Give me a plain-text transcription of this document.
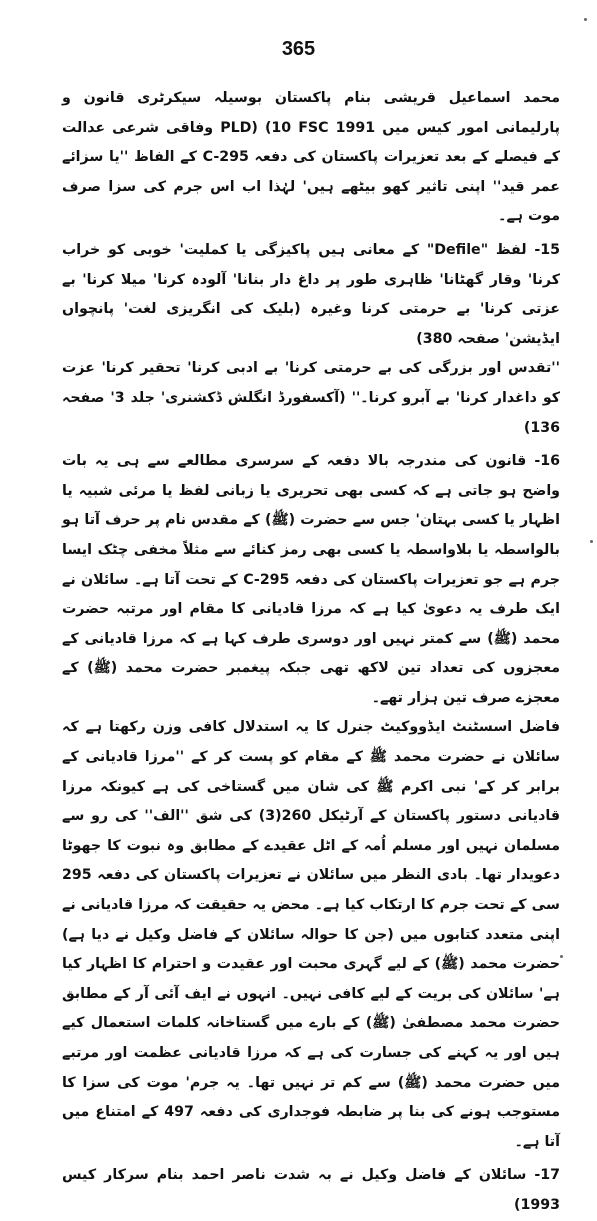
365

محمد اسماعیل قریشی بنام پاکستان بوسیلہ سیکرٹری قانون و پارلیمانی امور کیس میں PLD) (10 FSC 1991 وفاقی شرعی عدالت کے فیصلے کے بعد تعزیرات پاکستان کی دفعہ C-295 کے الفاظ ''یا سزائے عمر قید'' اپنی تاثیر کھو بیٹھے ہیں' لہٰذا اب اس جرم کی سزا صرف موت ہے۔

15- لفظ "Defile" کے معانی ہیں پاکیزگی یا کملیت' خوبی کو خراب کرنا' وقار گھٹانا' ظاہری طور پر داغ دار بنانا' آلودہ کرنا' میلا کرنا' بے عزتی کرنا' بے حرمتی کرنا وغیرہ (بلیک کی انگریزی لغت' پانچواں ایڈیشن' صفحہ 380)

''تقدس اور بزرگی کی بے حرمتی کرنا' بے ادبی کرنا' تحقیر کرنا' عزت کو داغدار کرنا' بے آبرو کرنا۔'' (آکسفورڈ انگلش ڈکشنری' جلد 3' صفحہ 136)

16- قانون کی مندرجہ بالا دفعہ کے سرسری مطالعے سے ہی یہ بات واضح ہو جاتی ہے کہ کسی بھی تحریری یا زبانی لفظ یا مرئی شبیہ یا اظہار یا کسی بہتان' جس سے حضرت (ﷺ) کے مقدس نام پر حرف آتا ہو بالواسطہ یا بلاواسطہ یا کسی بھی رمز کنائے سے مثلاً مخفی چٹک ایسا جرم ہے جو تعزیرات پاکستان کی دفعہ C-295 کے تحت آتا ہے۔ سائلان نے ایک طرف یہ دعویٰ کیا ہے کہ مرزا قادیانی کا مقام اور مرتبہ حضرت محمد (ﷺ) سے کمتر نہیں اور دوسری طرف کہا ہے کہ مرزا قادیانی کے معجزوں کی تعداد تین لاکھ تھی جبکہ پیغمبر حضرت محمد (ﷺ) کے معجزے صرف تین ہزار تھے۔

فاضل اسسٹنٹ ایڈووکیٹ جنرل کا یہ استدلال کافی وزن رکھتا ہے کہ سائلان نے حضرت محمد ﷺ کے مقام کو پست کر کے ''مرزا قادیانی کے برابر کر کے' نبی اکرم ﷺ کی شان میں گستاخی کی ہے کیونکہ مرزا قادیانی دستور پاکستان کے آرٹیکل 260(3) کی شق ''الف'' کی رو سے مسلمان نہیں اور مسلم اُمہ کے اٹل عقیدے کے مطابق وہ نبوت کا جھوٹا دعویدار تھا۔ بادی النظر میں سائلان نے تعزیرات پاکستان کی دفعہ 295 سی کے تحت جرم کا ارتکاب کیا ہے۔ محض یہ حقیقت کہ مرزا قادیانی نے اپنی متعدد کتابوں میں (جن کا حوالہ سائلان کے فاضل وکیل نے دیا ہے) حضرت محمد (ﷺ) کے لیے گہری محبت اور عقیدت و احترام کا اظہار کیا ہے' سائلان کی بریت کے لیے کافی نہیں۔ انہوں نے ایف آئی آر کے مطابق حضرت محمد مصطفیٰ (ﷺ) کے بارے میں گستاخانہ کلمات استعمال کیے ہیں اور یہ کہنے کی جسارت کی ہے کہ مرزا قادیانی عظمت اور مرتبے میں حضرت محمد (ﷺ) سے کم تر نہیں تھا۔ یہ جرم' موت کی سزا کا مستوجب ہونے کی بنا پر ضابطہ فوجداری کی دفعہ 497 کے امتناع میں آتا ہے۔

17- سائلان کے فاضل وکیل نے بہ شدت ناصر احمد بنام سرکار کیس 1993)
